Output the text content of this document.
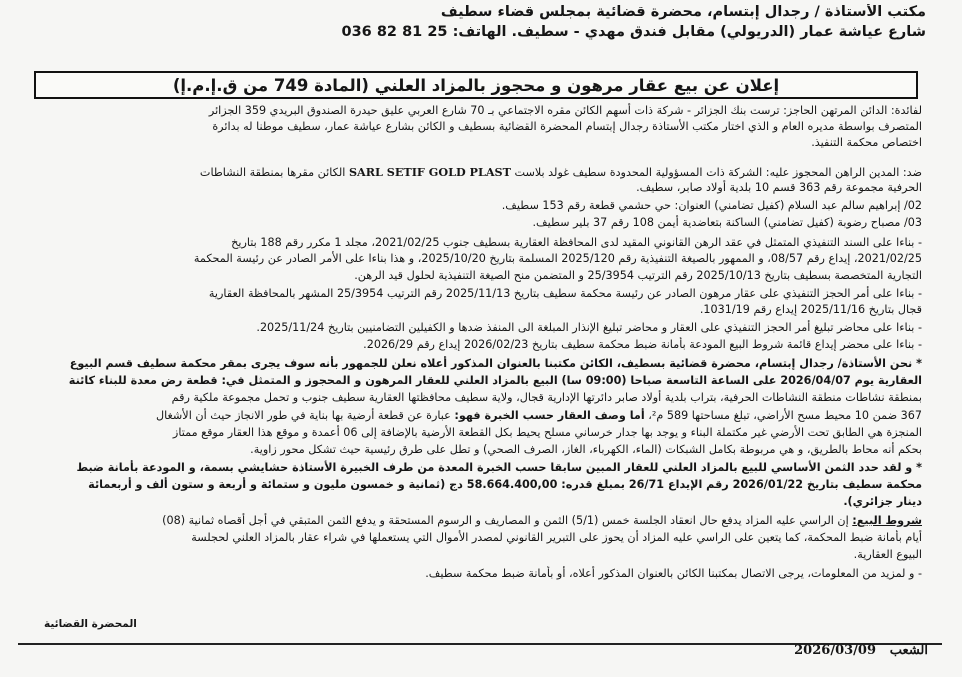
مكتب الأستاذة / رجدال إبتسام، محضرة قضائية بمجلس قضاء سطيف
شارع عياشة عمار (الدريولي) مقابل فندق مهدي - سطيف. الهاتف: 25 81 82 036
إعلان عن بيع عقار مرهون و محجوز بالمزاد العلني (المادة 749 من ق.إ.م.إ)
لفائدة: الدائن المرتهن الحاجز: ترست بنك الجزائر - شركة ذات أسهم الكائن مقره الاجتماعي بـ 70 شارع العربي عليق حيدرة الصندوق البريدي 359 الجزائر
المتصرف بواسطة مديره العام و الذي اختار مكتب الأستاذة رجدال إبتسام المحضرة القضائية بسطيف و الكائن بشارع عياشة عمار، سطيف موطنا له بدائرة
اختصاص محكمة التنفيذ.
ضد: المدين الراهن المحجوز عليه: الشركة ذات المسؤولية المحدودة سطيف غولد بلاست SARL SETIF GOLD PLAST الكائن مقرها بمنطقة النشاطات
الحرفية مجموعة رقم 363 قسم 10 بلدية أولاد صابر، سطيف.
02/ إبراهيم سالم عبد السلام (كفيل تضامني) العنوان: حي حشمي قطعة رقم 153 سطيف.
03/ مصباح رضوبة (كفيل تضامني) الساكنة بتعاضدية أيمن 108 رقم 37 بلير سطيف.
- بناءا على السند التنفيذي المتمثل في عقد الرهن القانوني المقيد لدى المحافظة العقارية بسطيف جنوب 2021/02/25، مجلد 1 مكرر رقم 188 بتاريخ
2021/02/25، إيداع رقم 08/57، و الممهور بالصيغة التنفيذية رقم 2025/120 المسلمة بتاريخ 2025/10/20، و هذا بناءا على الأمر الصادر عن رئيسة المحكمة
التجارية المتخصصة بسطيف بتاريخ 2025/10/13 رقم الترتيب 25/3954 و المتضمن منح الصيغة التنفيذية لحلول قيد الرهن.
- بناءا على أمر الحجز التنفيذي على عقار مرهون الصادر عن رئيسة محكمة سطيف بتاريخ 2025/11/13 رقم الترتيب 25/3954 المشهر بالمحافظة العقارية
قجال بتاريخ 2025/11/16 إيداع رقم 1031/19.
- بناءا على محاضر تبليغ أمر الحجز التنفيذي على العقار و محاضر تبليغ الإنذار المبلغة الى المنفذ ضدها و الكفيلين التضامنيين بتاريخ 2025/11/24.
- بناءا على محضر إيداع قائمة شروط البيع المودعة بأمانة ضبط محكمة سطيف بتاريخ 2026/02/23 إيداع رقم 2026/29.
* نحن الأستاذة/ رجدال إبتسام، محضرة قضائية بسطيف، الكائن مكتبنا بالعنوان المذكور أعلاه نعلن للجمهور بأنه سوف يجرى بمقر محكمة سطيف قسم البيوع
العقارية يوم 2026/04/07 على الساعة التاسعة صباحا (09:00 سا) البيع بالمزاد العلني للعقار المرهون و المحجوز و المتمثل في: قطعة رض معدة للبناء كائنة
بمنطقة نشاطات منطقة النشاطات الحرفية، بتراب بلدية أولاد صابر دائرتها الإدارية قجال، ولاية سطيف محافظتها العقارية سطيف جنوب و تحمل مجموعة ملكية رقم
367 ضمن 10 محيط مسح الأراضي، تبلغ مساحتها 589 م²، أما وصف العقار حسب الخبرة فهو: عبارة عن قطعة أرضية بها بناية في طور الانجاز حيث أن الأشغال
المنجزة هي الطابق تحت الأرضي غير مكتملة البناء و يوجد بها جدار خرساني مسلح يحيط بكل القطعة الأرضية بالإضافة إلى 06 أعمدة و موقع هذا العقار موقع ممتاز
بحكم أنه محاط بالطريق، و هي مربوطة بكامل الشبكات (الماء، الكهرباء، الغاز، الصرف الصحي) و تطل على طرق رئيسية حيث تشكل محور زاوية.
* و لقد حدد الثمن الأساسي للبيع بالمزاد العلني للعقار المبين سابقا حسب الخبرة المعدة من طرف الخبيرة الأستاذة حشايشي بسمة، و المودعة بأمانة ضبط
محكمة سطيف بتاريخ 2026/01/22 رقم الإيداع 26/71 بمبلغ قدره: 58.664.400,00 دج (ثمانية و خمسون مليون و ستمائة و أربعة و ستون ألف و أربعمائة
دينار جزائري).
شروط البيع: إن الراسي عليه المزاد يدفع حال انعقاد الجلسة خمس (5/1) الثمن و المصاريف و الرسوم المستحقة و يدفع الثمن المتبقي في أجل أقصاه ثمانية (08)
أيام بأمانة ضبط المحكمة، كما يتعين على الراسي عليه المزاد أن يحوز على التبرير القانوني لمصدر الأموال التي يستعملها في شراء عقار بالمزاد العلني لحجلسة
البيوع العقارية.
- و لمزيد من المعلومات، يرجى الاتصال بمكتبنا الكائن بالعنوان المذكور أعلاه، أو بأمانة ضبط محكمة سطيف.
المحضرة القضائية
الشعب
2026/03/09
